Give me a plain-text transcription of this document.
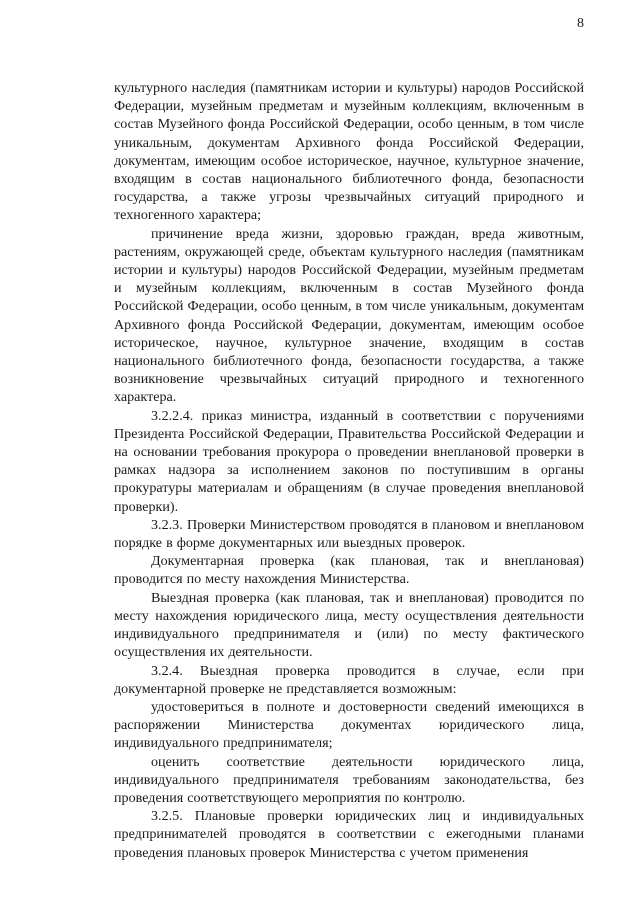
8

культурного наследия (памятникам истории и культуры) народов Российской Федерации, музейным предметам и музейным коллекциям, включенным в состав Музейного фонда Российской Федерации, особо ценным, в том числе уникальным, документам Архивного фонда Российской Федерации, документам, имеющим особое историческое, научное, культурное значение, входящим в состав национального библиотечного фонда, безопасности государства, а также угрозы чрезвычайных ситуаций природного и техногенного характера;

причинение вреда жизни, здоровью граждан, вреда животным, растениям, окружающей среде, объектам культурного наследия (памятникам истории и культуры) народов Российской Федерации, музейным предметам и музейным коллекциям, включенным в состав Музейного фонда Российской Федерации, особо ценным, в том числе уникальным, документам Архивного фонда Российской Федерации, документам, имеющим особое историческое, научное, культурное значение, входящим в состав национального библиотечного фонда, безопасности государства, а также возникновение чрезвычайных ситуаций природного и техногенного характера.

3.2.2.4. приказ министра, изданный в соответствии с поручениями Президента Российской Федерации, Правительства Российской Федерации и на основании требования прокурора о проведении внеплановой проверки в рамках надзора за исполнением законов по поступившим в органы прокуратуры материалам и обращениям (в случае проведения внеплановой проверки).

3.2.3. Проверки Министерством проводятся в плановом и внеплановом порядке в форме документарных или выездных проверок.

Документарная проверка (как плановая, так и внеплановая) проводится по месту нахождения Министерства.

Выездная проверка (как плановая, так и внеплановая) проводится по месту нахождения юридического лица, месту осуществления деятельности индивидуального предпринимателя и (или) по месту фактического осуществления их деятельности.

3.2.4. Выездная проверка проводится в случае, если при документарной проверке не представляется возможным:

удостовериться в полноте и достоверности сведений имеющихся в распоряжении Министерства документах юридического лица, индивидуального предпринимателя;

оценить соответствие деятельности юридического лица, индивидуального предпринимателя требованиям законодательства, без проведения соответствующего мероприятия по контролю.

3.2.5. Плановые проверки юридических лиц и индивидуальных предпринимателей проводятся в соответствии с ежегодными планами проведения плановых проверок Министерства с учетом применения
